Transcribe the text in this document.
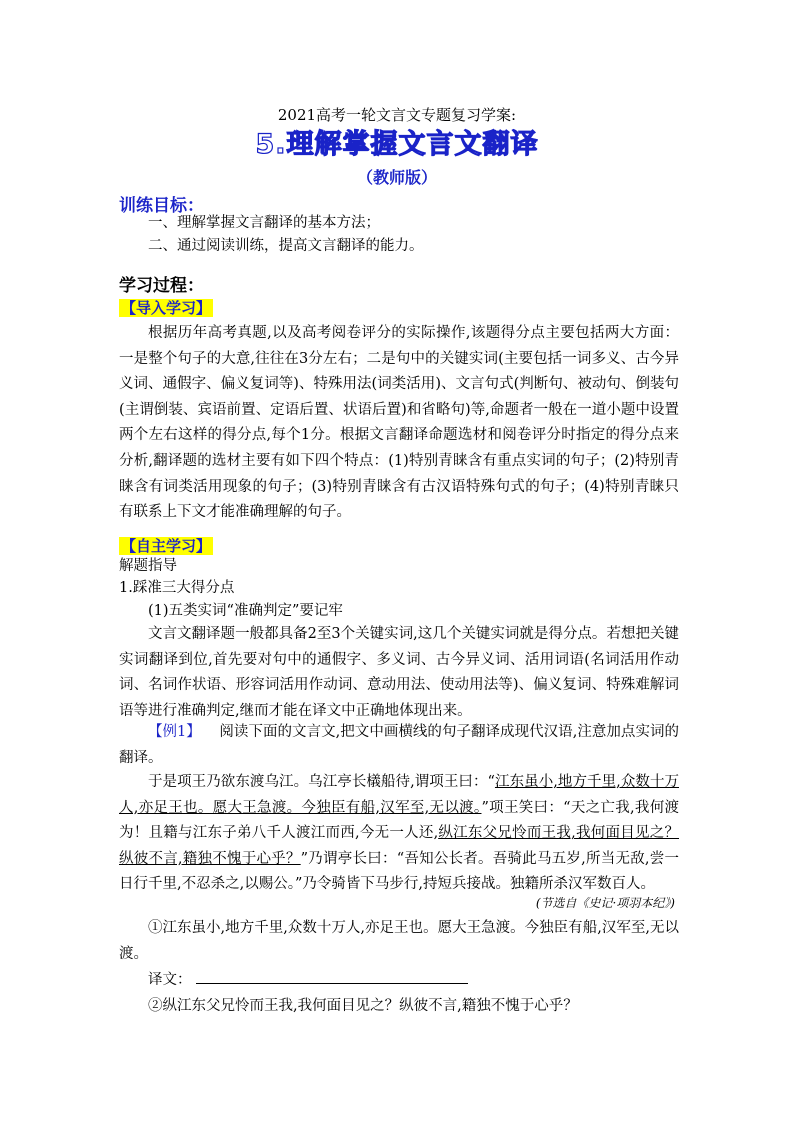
2021高考一轮文言文专题复习学案:
5.理解掌握文言文翻译
（教师版）
训练目标：
一、理解掌握文言翻译的基本方法；
二、通过阅读训练，提高文言翻译的能力。
学习过程：
【导入学习】
根据历年高考真题,以及高考阅卷评分的实际操作,该题得分点主要包括两大方面：一是整个句子的大意,往往在3分左右；二是句中的关键实词(主要包括一词多义、古今异义词、通假字、偏义复词等)、特殊用法(词类活用)、文言句式(判断句、被动句、倒装句(主谓倒装、宾语前置、定语后置、状语后置)和省略句)等,命题者一般在一道小题中设置两个左右这样的得分点,每个1分。根据文言翻译命题选材和阅卷评分时指定的得分点来分析,翻译题的选材主要有如下四个特点：(1)特别青睐含有重点实词的句子；(2)特别青睐含有词类活用现象的句子；(3)特别青睐含有古汉语特殊句式的句子；(4)特别青睐只有联系上下文才能准确理解的句子。
【自主学习】
解题指导
1.踩准三大得分点
(1)五类实词“准确判定”要记牢
文言文翻译题一般都具备2至3个关键实词,这几个关键实词就是得分点。若想把关键实词翻译到位,首先要对句中的通假字、多义词、古今异义词、活用词语(名词活用作动词、名词作状语、形容词活用作动词、意动用法、使动用法等)、偏义复词、特殊难解词语等进行准确判定,继而才能在译文中正确地体现出来。
【例1】 阅读下面的文言文,把文中画横线的句子翻译成现代汉语,注意加点实词的翻译。
于是项王乃欲东渡乌江。乌江亭长檥船待,谓项王曰：“江东虽小,地方千里,众数十万人,亦足王也。愿大王急渡。今独臣有船,汉军至,无以渡。”项王笑曰：“天之亡我,我何渡为！且籍与江东子弟八千人渡江而西,今无一人还,纵江东父兄怜而王我,我何面目见之？纵彼不言,籍独不愧于心乎？”乃谓亭长曰：“吾知公长者。吾骑此马五岁,所当无敌,尝一日行千里,不忍杀之,以赐公。”乃令骑皆下马步行,持短兵接战。独籍所杀汉军数百人。
(节选自《史记·项羽本纪》)
①江东虽小,地方千里,众数十万人,亦足王也。愿大王急渡。今独臣有船,汉军至,无以渡。
译文：
②纵江东父兄怜而王我,我何面目见之？纵彼不言,籍独不愧于心乎？
